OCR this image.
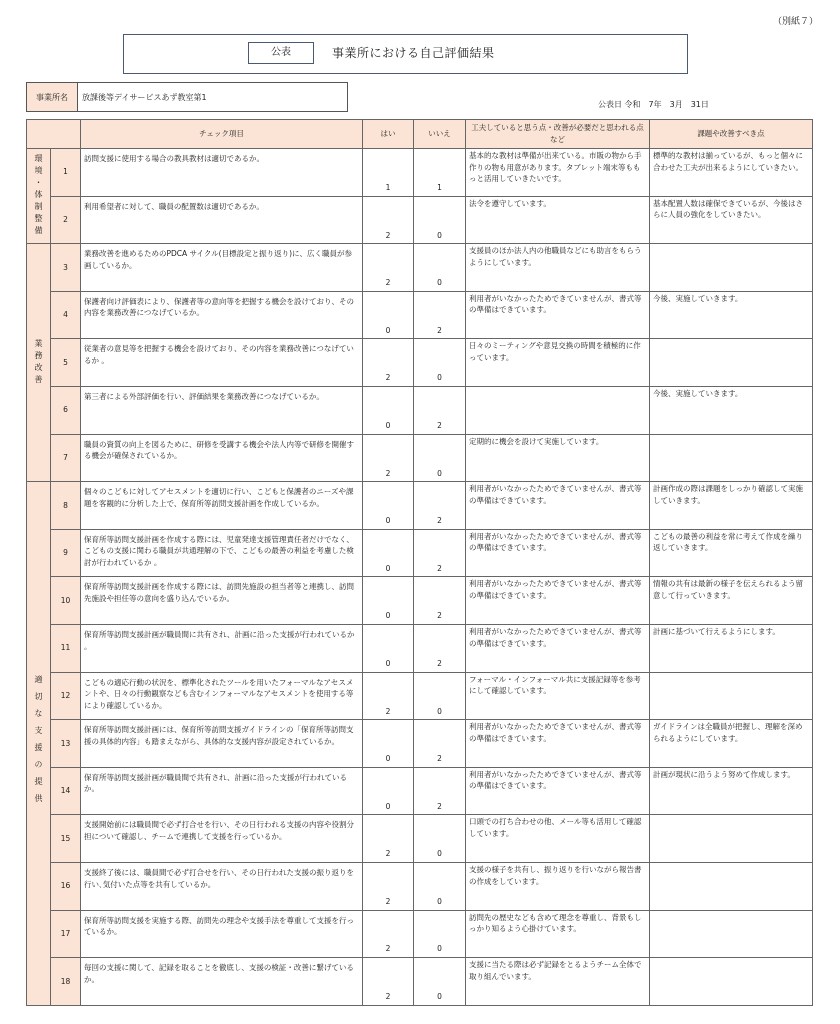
（別紙７）
公表	事業所における自己評価結果
事業所名	放課後等デイサービスあず教室第1
公表日 令和　7年　3月　31日
		チェック項目	はい	いいえ	工夫していると思う点・改善が必要だと思われる点など	課題や改善すべき点

環境・体制整備	1	訪問支援に使用する場合の教具教材は適切であるか。	1	1	基本的な教材は準備が出来ている。市販の物から手作りの物も用意があります。タブレット端末等ももっと活用していきたいです。	標準的な教材は揃っているが、もっと個々に合わせた工夫が出来るようにしていきたい。
	2	利用希望者に対して、職員の配置数は適切であるか。	2	0	法令を遵守しています。	基本配置人数は確保できているが、今後はさらに人員の強化をしていきたい。

業務改善	3	業務改善を進めるためのPDCA サイクル(目標設定と振り返り)に、広く職員が参画しているか。	2	0	支援員のほか法人内の他職員などにも助言をもらうようにしています。	
	4	保護者向け評価表により、保護者等の意向等を把握する機会を設けており、その内容を業務改善につなげているか。	0	2	利用者がいなかったためできていませんが、書式等の準備はできています。	今後、実施していきます。
	5	従業者の意見等を把握する機会を設けており、その内容を業務改善につなげているか 。	2	0	日々のミーティングや意見交換の時間を積極的に作っています。	
	6	第三者による外部評価を行い、評価結果を業務改善につなげているか。	0	2		今後、実施していきます。
	7	職員の資質の向上を図るために、研修を受講する機会や法人内等で研修を開催する機会が確保されているか。	2	0	定期的に機会を設けて実施しています。	

適切な支援の提供	8	個々のこどもに対してアセスメントを適切に行い、こどもと保護者のニーズや課題を客観的に分析した上で、保育所等訪問支援計画を作成しているか。	0	2	利用者がいなかったためできていませんが、書式等の準備はできています。	計画作成の際は課題をしっかり確認して実施していきます。
	9	保育所等訪問支援計画を作成する際には、児童発達支援管理責任者だけでなく、こどもの支援に関わる職員が共通理解の下で、こどもの最善の利益を考慮した検討が行われているか 。	0	2	利用者がいなかったためできていませんが、書式等の準備はできています。	こどもの最善の利益を常に考えて作成を繰り返していきます。
	10	保育所等訪問支援計画を作成する際には、訪問先施設の担当者等と連携し、訪問先施設や担任等の意向を盛り込んでいるか。	0	2	利用者がいなかったためできていませんが、書式等の準備はできています。	情報の共有は最新の様子を伝えられるよう留意して行っていきます。
	11	保育所等訪問支援計画が職員間に共有され、計画に沿った支援が行われているか 。	0	2	利用者がいなかったためできていませんが、書式等の準備はできています。	計画に基づいて行えるようにします。
	12	こどもの適応行動の状況を、標準化されたツールを用いたフォーマルなアセスメントや、日々の行動観察なども含むインフォーマルなアセスメントを使用する等により確認しているか。	2	0	フォーマル・インフォーマル共に支援記録等を参考にして確認しています。	
	13	保育所等訪問支援計画には、保育所等訪問支援ガイドラインの「保育所等訪問支援の具体的内容」も踏まえながら、具体的な支援内容が設定されているか。	0	2	利用者がいなかったためできていませんが、書式等の準備はできています。	ガイドラインは全職員が把握し、理解を深められるようにしています。
	14	保育所等訪問支援計画が職員間で共有され、計画に沿った支援が行われているか。	0	2	利用者がいなかったためできていませんが、書式等の準備はできています。	計画が現状に沿うよう努めて作成します。
	15	支援開始前には職員間で必ず打合せを行い、その日行われる支援の内容や役割分担について確認し、チームで連携して支援を行っているか。	2	0	口頭での打ち合わせの他、メール等も活用して確認しています。	
	16	支援終了後には、職員間で必ず打合せを行い、その日行われた支援の振り返りを行い､気付いた点等を共有しているか。	2	0	支援の様子を共有し、振り返りを行いながら報告書の作成をしています。	
	17	保育所等訪問支援を実施する際、訪問先の理念や支援手法を尊重して支援を行っているか。	2	0	訪問先の歴史なども含めて理念を尊重し、背景もしっかり知るよう心掛けています。	
	18	毎回の支援に関して、記録を取ることを徹底し、支援の検証・改善に繋げているか。	2	0	支援に当たる際は必ず記録をとるようチーム全体で取り組んでいます。	
